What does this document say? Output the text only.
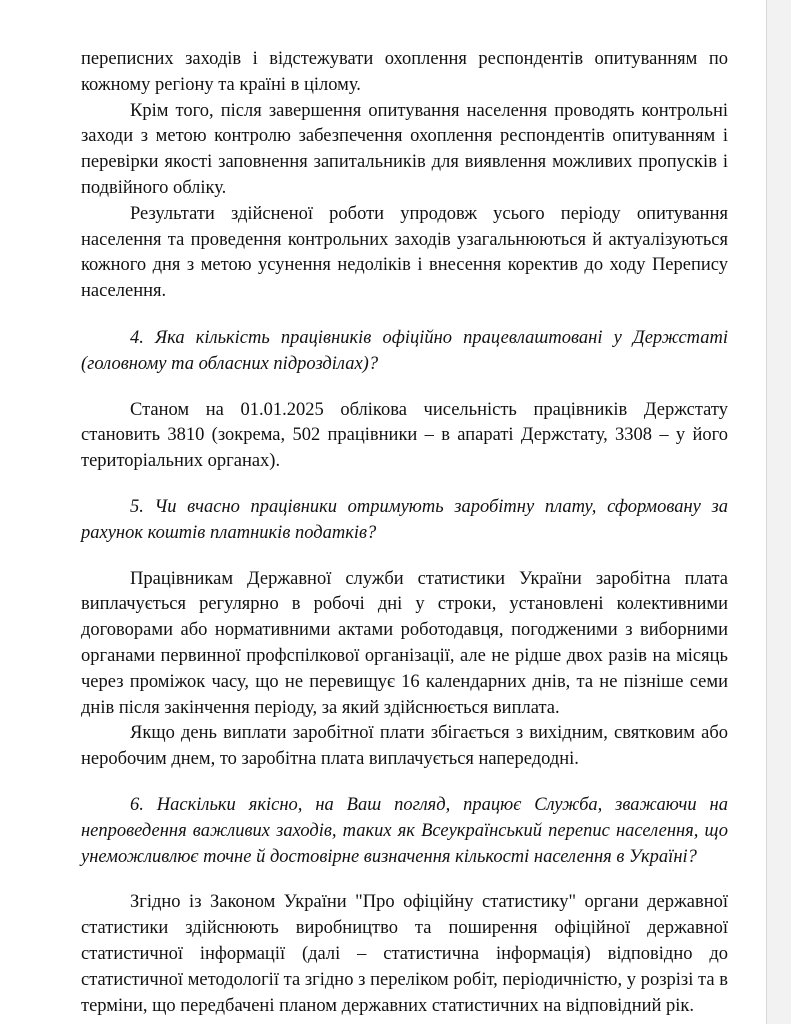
переписних заходів і відстежувати охоплення респондентів опитуванням по кожному регіону та країні в цілому.

Крім того, після завершення опитування населення проводять контрольні заходи з метою контролю забезпечення охоплення респондентів опитуванням і перевірки якості заповнення запитальників для виявлення можливих пропусків і подвійного обліку.

Результати здійсненої роботи упродовж усього періоду опитування населення та проведення контрольних заходів узагальнюються й актуалізуються кожного дня з метою усунення недоліків і внесення коректив до ходу Перепису населення.

4. Яка кількість працівників офіційно працевлаштовані у Держстаті (головному та обласних підрозділах)?

Станом на 01.01.2025 облікова чисельність працівників Держстату становить 3810 (зокрема, 502 працівники – в апараті Держстату, 3308 – у його територіальних органах).

5. Чи вчасно працівники отримують заробітну плату, сформовану за рахунок коштів платників податків?

Працівникам Державної служби статистики України заробітна плата виплачується регулярно в робочі дні у строки, установлені колективними договорами або нормативними актами роботодавця, погодженими з виборними органами первинної профспілкової організації, але не рідше двох разів на місяць через проміжок часу, що не перевищує 16 календарних днів, та не пізніше семи днів після закінчення періоду, за який здійснюється виплата.

Якщо день виплати заробітної плати збігається з вихідним, святковим або неробочим днем, то заробітна плата виплачується напередодні.

6. Наскільки якісно, на Ваш погляд, працює Служба, зважаючи на непроведення важливих заходів, таких як Всеукраїнський перепис населення, що унеможливлює точне й достовірне визначення кількості населення в Україні?

Згідно із Законом України "Про офіційну статистику" органи державної статистики здійснюють виробництво та поширення офіційної державної статистичної інформації (далі – статистична інформація) відповідно до статистичної методології та згідно з переліком робіт, періодичністю, у розрізі та в терміни, що передбачені планом державних статистичних на відповідний рік.
